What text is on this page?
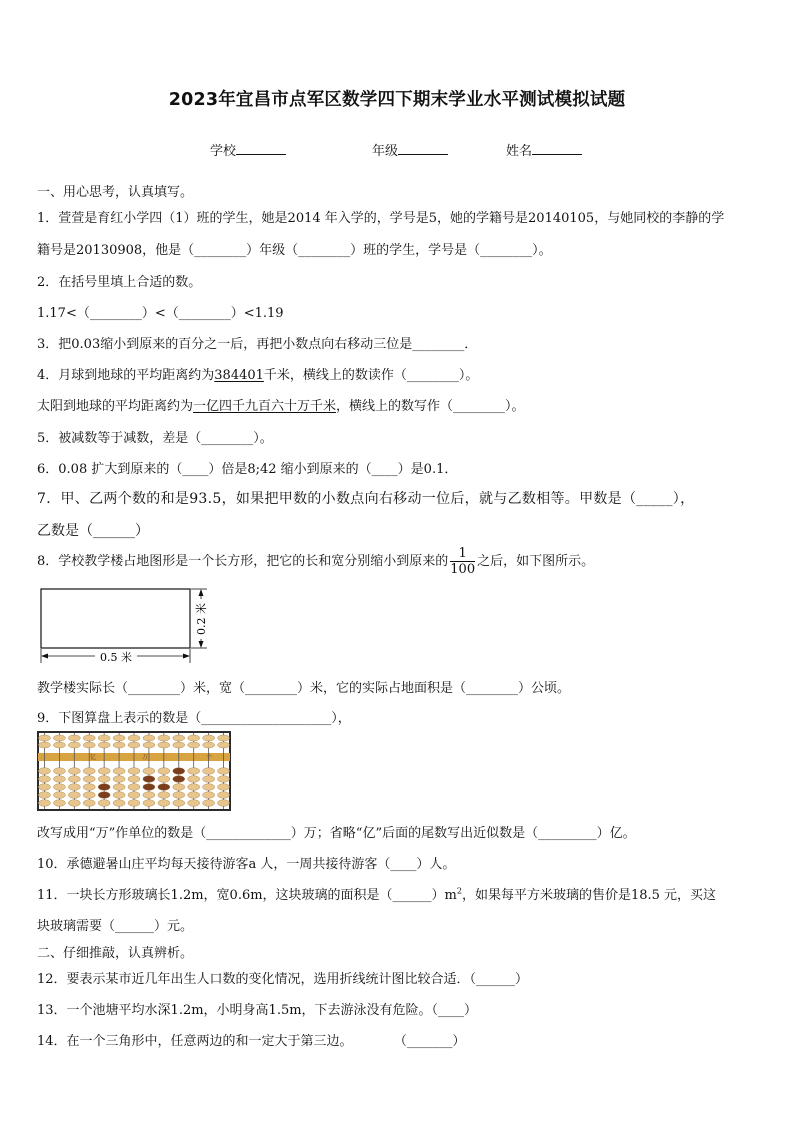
2023年宜昌市点军区数学四下期末学业水平测试模拟试题
学校	年级	姓名
一、用心思考，认真填写。
1．萱萱是育红小学四（1）班的学生，她是2014 年入学的，学号是5，她的学籍号是20140105，与她同校的李静的学
籍号是20130908，他是（________）年级（________）班的学生，学号是（________）。
2．在括号里填上合适的数。
1.17<（________）<（________）<1.19
3．把0.03缩小到原来的百分之一后，再把小数点向右移动三位是________．
4．月球到地球的平均距离约为384401千米，横线上的数读作（________）。
太阳到地球的平均距离约为一亿四千九百六十万千米，横线上的数写作（________）。
5．被减数等于减数，差是（________）。
6．0.08 扩大到原来的（____）倍是8;42 缩小到原来的（____）是0.1．
7．甲、乙两个数的和是93.5，如果把甲数的小数点向右移动一位后，就与乙数相等。甲数是（_____），
乙数是（______）
8．学校教学楼占地图形是一个长方形，把它的长和宽分别缩小到原来的 $\frac{1}{100}$ 之后，如下图所示。
0.5 米
0.2 米
教学楼实际长（________）米，宽（________）米，它的实际占地面积是（________）公顷。
9．下图算盘上表示的数是（____________________），
亿	万	个
改写成用“万”作单位的数是（_____________）万；省略“亿”后面的尾数写出近似数是（_________）亿。
10．承德避暑山庄平均每天接待游客a 人，一周共接待游客（____）人。
11．一块长方形玻璃长1.2m，宽0.6m，这块玻璃的面积是$(\_\_\_\_\_\_)m^2$，如果每平方米玻璃的售价是18.5 元，买这
块玻璃需要（______）元。
二、仔细推敲，认真辨析。
12．要表示某市近几年出生人口数的变化情况，选用折线统计图比较合适．（______）
13．一个池塘平均水深1.2m，小明身高1.5m，下去游泳没有危险。（____）
14．在一个三角形中，任意两边的和一定大于第三边。          （_______）
